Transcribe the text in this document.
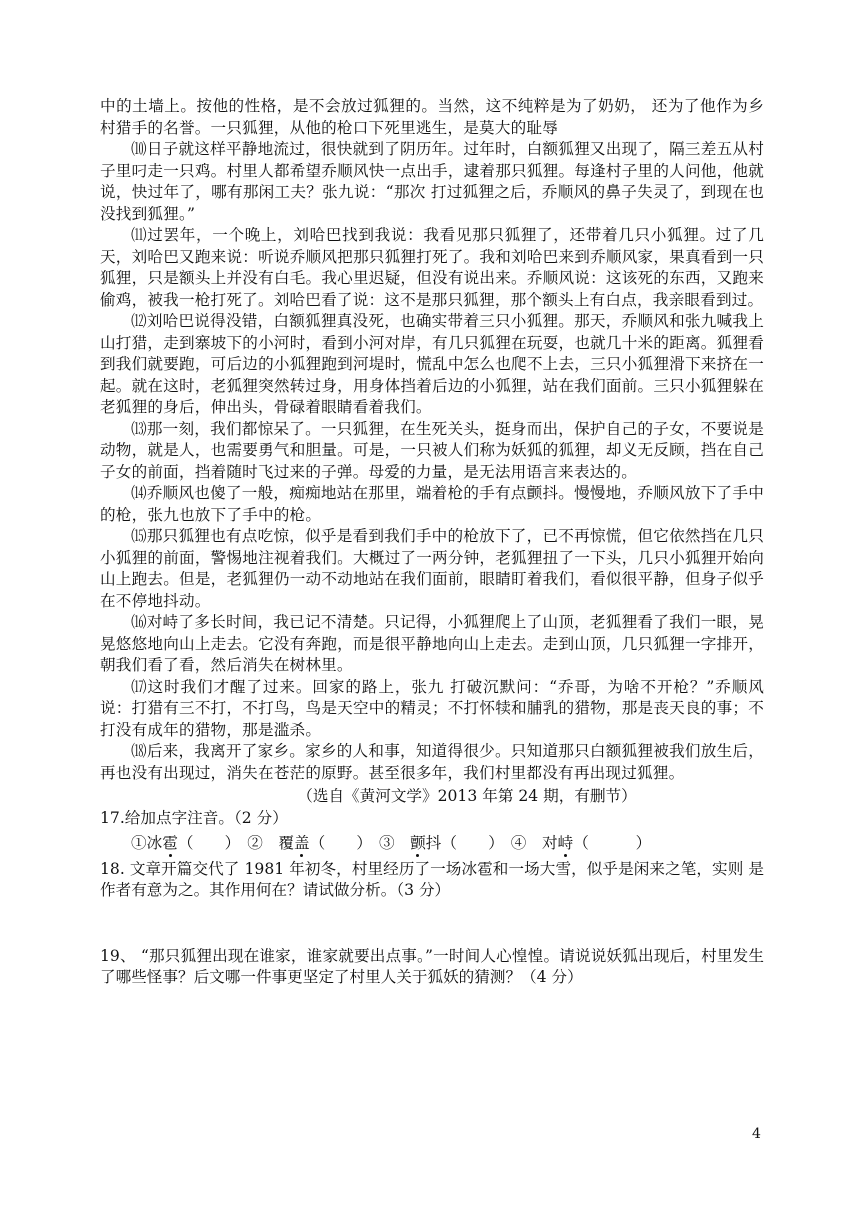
中的土墙上。按他的性格，是不会放过狐狸的。当然，这不纯粹是为了奶奶， 还为了他作为乡村猎手的名誉。一只狐狸，从他的枪口下死里逃生，是莫大的耻辱

⑽日子就这样平静地流过，很快就到了阴历年。过年时，白额狐狸又出现了，隔三差五从村子里叼走一只鸡。村里人都希望乔顺风快一点出手，逮着那只狐狸。每逢村子里的人问他，他就说，快过年了，哪有那闲工夫？张九说：“那次 打过狐狸之后，乔顺风的鼻子失灵了，到现在也没找到狐狸。”

⑾过罢年，一个晚上，刘哈巴找到我说：我看见那只狐狸了，还带着几只小狐狸。过了几天，刘哈巴又跑来说：听说乔顺风把那只狐狸打死了。我和刘哈巴来到乔顺风家，果真看到一只狐狸，只是额头上并没有白毛。我心里迟疑，但没有说出来。乔顺风说：这该死的东西，又跑来偷鸡，被我一枪打死了。刘哈巴看了说：这不是那只狐狸，那个额头上有白点，我亲眼看到过。

⑿刘哈巴说得没错，白额狐狸真没死，也确实带着三只小狐狸。那天，乔顺风和张九喊我上山打猎，走到寨坡下的小河时，看到小河对岸，有几只狐狸在玩耍，也就几十米的距离。狐狸看到我们就要跑，可后边的小狐狸跑到河堤时，慌乱中怎么也爬不上去，三只小狐狸滑下来挤在一起。就在这时，老狐狸突然转过身，用身体挡着后边的小狐狸，站在我们面前。三只小狐狸躲在老狐狸的身后，伸出头，骨碌着眼睛看着我们。

⒀那一刻，我们都惊呆了。一只狐狸，在生死关头，挺身而出，保护自己的子女，不要说是动物，就是人，也需要勇气和胆量。可是，一只被人们称为妖狐的狐狸，却义无反顾，挡在自己子女的前面，挡着随时飞过来的子弹。母爱的力量，是无法用语言来表达的。

⒁乔顺风也傻了一般，痴痴地站在那里，端着枪的手有点颤抖。慢慢地，乔顺风放下了手中的枪，张九也放下了手中的枪。

⒂那只狐狸也有点吃惊，似乎是看到我们手中的枪放下了，已不再惊慌，但它依然挡在几只小狐狸的前面，警惕地注视着我们。大概过了一两分钟，老狐狸扭了一下头，几只小狐狸开始向山上跑去。但是，老狐狸仍一动不动地站在我们面前，眼睛盯着我们，看似很平静，但身子似乎在不停地抖动。

⒃对峙了多长时间，我已记不清楚。只记得，小狐狸爬上了山顶，老狐狸看了我们一眼，晃晃悠悠地向山上走去。它没有奔跑，而是很平静地向山上走去。走到山顶，几只狐狸一字排开，朝我们看了看，然后消失在树林里。

⒄这时我们才醒了过来。回家的路上，张九 打破沉默问：“乔哥，为啥不开枪？”乔顺风说：打猎有三不打，不打鸟，鸟是天空中的精灵；不打怀犊和脯乳的猎物，那是丧天良的事；不打没有成年的猎物，那是滥杀。

⒅后来，我离开了家乡。家乡的人和事，知道得很少。只知道那只白额狐狸被我们放生后，再也没有出现过，消失在苍茫的原野。甚至很多年，我们村里都没有再出现过狐狸。

（选自《黄河文学》2013 年第 24 期，有删节）

17.给加点字注音。（2 分）

①冰雹（　　） ②　覆盖（　　） ③　 颤抖（　　） ④　对峙（　　　）

18. 文章开篇交代了 1981 年初冬，村里经历了一场冰雹和一场大雪，似乎是闲来之笔，实则 是作者有意为之。其作用何在？请试做分析。（3 分）

19、 “那只狐狸出现在谁家，谁家就要出点事。”一时间人心惶惶。请说说妖狐出现后，村里发生了哪些怪事？后文哪一件事更坚定了村里人关于狐妖的猜测？（4 分）

4
